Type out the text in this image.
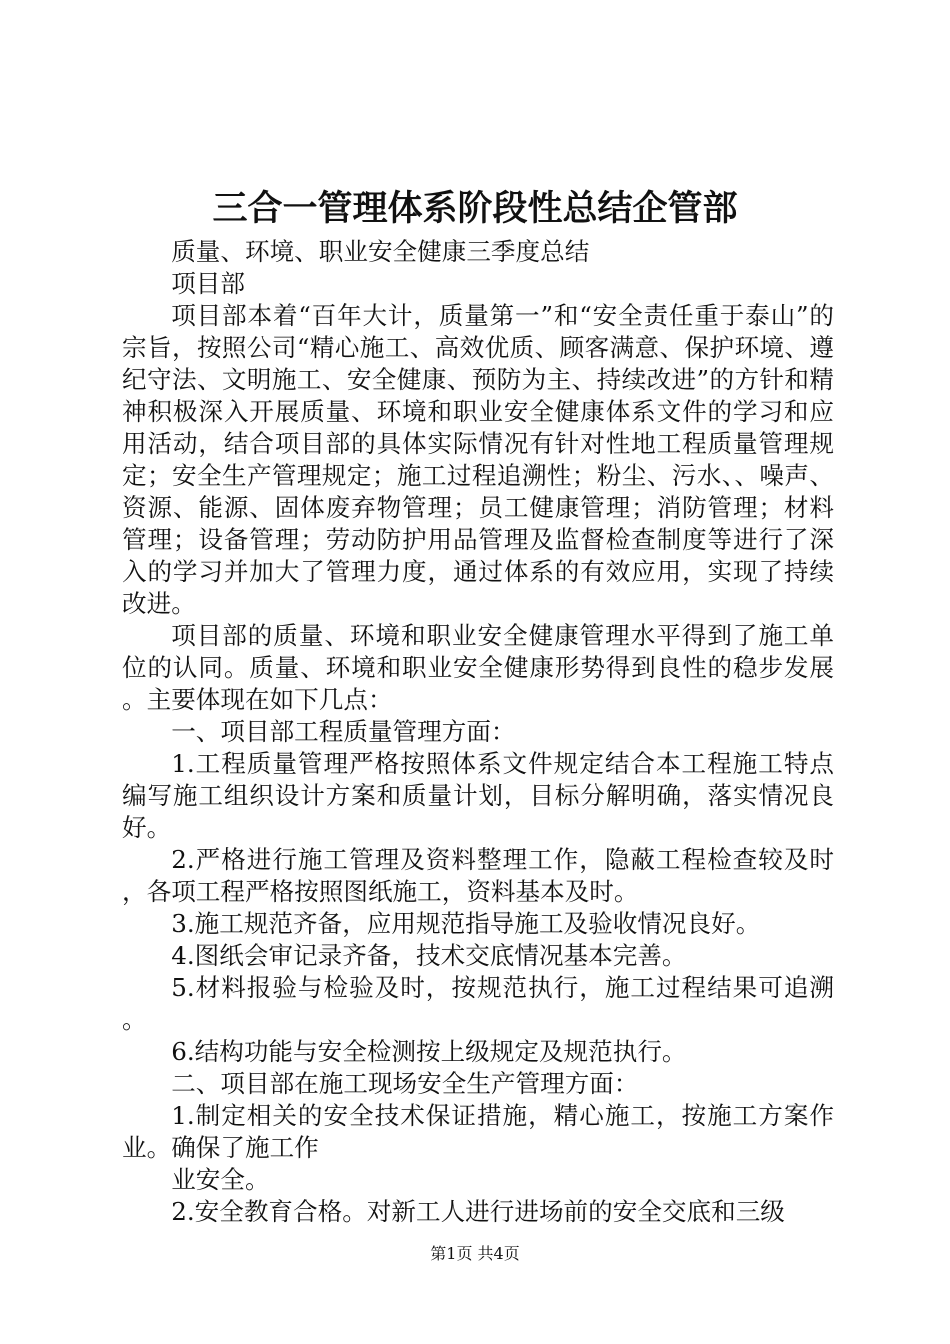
三合一管理体系阶段性总结企管部

质量、环境、职业安全健康三季度总结

项目部

项目部本着“百年大计，质量第一”和“安全责任重于泰山”的宗旨，按照公司“精心施工、高效优质、顾客满意、保护环境、遵纪守法、文明施工、安全健康、预防为主、持续改进”的方针和精神积极深入开展质量、环境和职业安全健康体系文件的学习和应用活动，结合项目部的具体实际情况有针对性地工程质量管理规定；安全生产管理规定；施工过程追溯性；粉尘、污水、、噪声、资源、能源、固体废弃物管理；员工健康管理；消防管理；材料管理；设备管理；劳动防护用品管理及监督检查制度等进行了深入的学习并加大了管理力度，通过体系的有效应用，实现了持续改进。

项目部的质量、环境和职业安全健康管理水平得到了施工单位的认同。质量、环境和职业安全健康形势得到良性的稳步发展。主要体现在如下几点：

一、项目部工程质量管理方面：

1.工程质量管理严格按照体系文件规定结合本工程施工特点编写施工组织设计方案和质量计划，目标分解明确，落实情况良好。

2.严格进行施工管理及资料整理工作，隐蔽工程检查较及时，各项工程严格按照图纸施工，资料基本及时。

3.施工规范齐备，应用规范指导施工及验收情况良好。

4.图纸会审记录齐备，技术交底情况基本完善。

5.材料报验与检验及时，按规范执行，施工过程结果可追溯。

6.结构功能与安全检测按上级规定及规范执行。

二、项目部在施工现场安全生产管理方面：

1.制定相关的安全技术保证措施，精心施工，按施工方案作业。确保了施工作

业安全。

2.安全教育合格。对新工人进行进场前的安全交底和三级

第1页 共4页
